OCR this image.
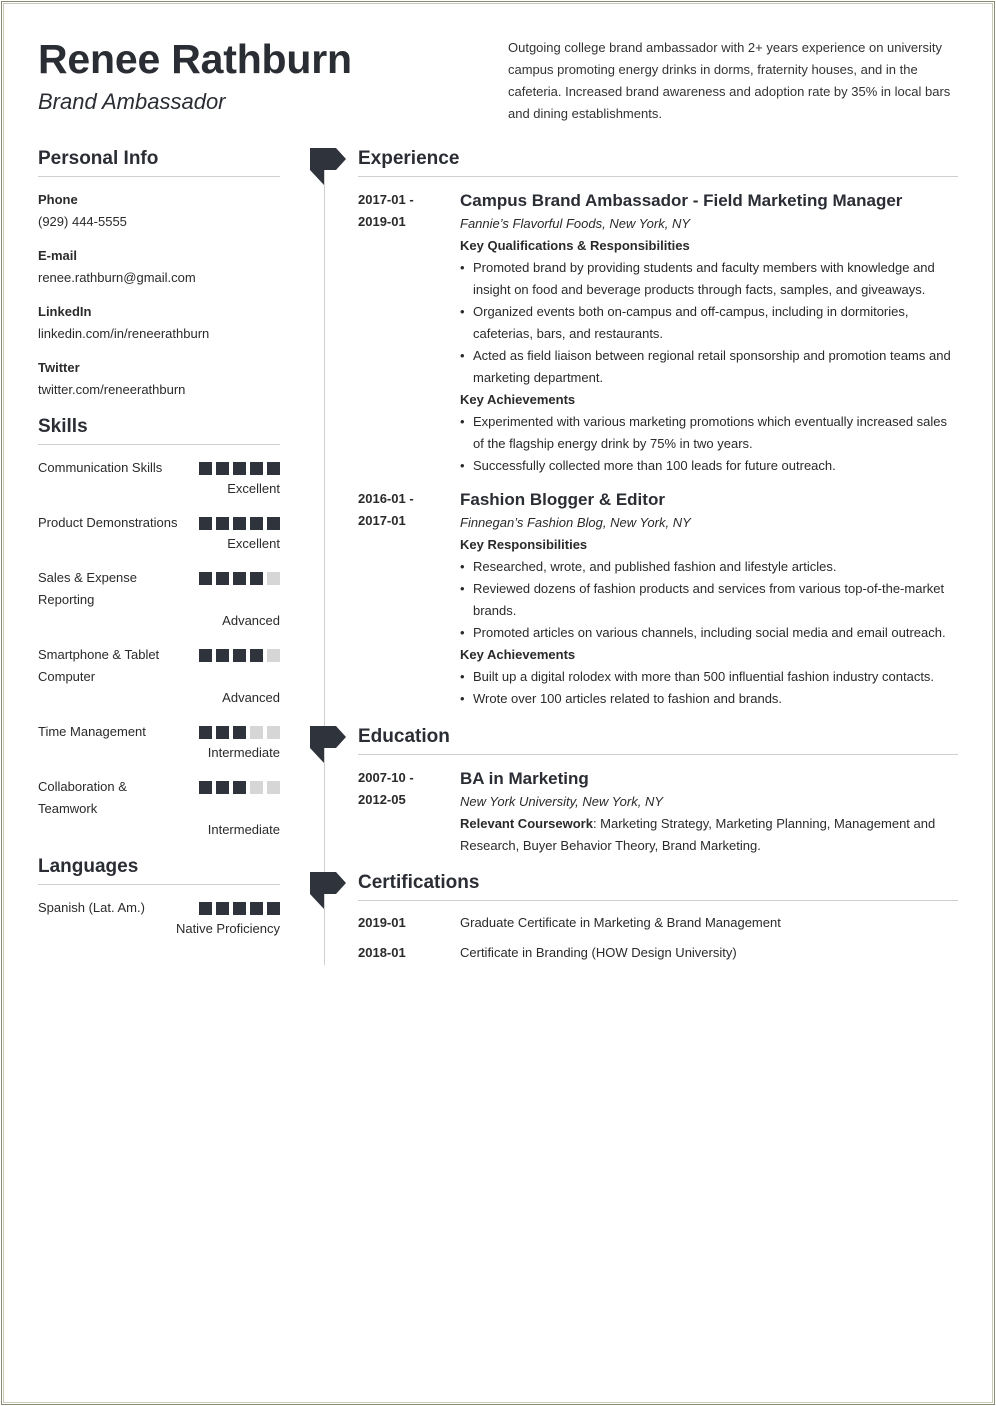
Renee Rathburn
Brand Ambassador

Outgoing college brand ambassador with 2+ years experience on university campus promoting energy drinks in dorms, fraternity houses, and in the cafeteria. Increased brand awareness and adoption rate by 35% in local bars and dining establishments.

Personal Info
Phone
(929) 444-5555
E-mail
renee.rathburn@gmail.com
LinkedIn
linkedin.com/in/reneerathburn
Twitter
twitter.com/reneerathburn
Skills
Communication Skills
Excellent
Product Demonstrations
Excellent
Sales & Expense Reporting
Advanced
Smartphone & Tablet Computer
Advanced
Time Management
Intermediate
Collaboration & Teamwork
Intermediate
Languages
Spanish (Lat. Am.)
Native Proficiency
Experience
2017-01 -
2019-01
Campus Brand Ambassador - Field Marketing Manager
Fannie’s Flavorful Foods, New York, NY
Key Qualifications & Responsibilities
• Promoted brand by providing students and faculty members with knowledge and insight on food and beverage products through facts, samples, and giveaways.
• Organized events both on-campus and off-campus, including in dormitories, cafeterias, bars, and restaurants.
• Acted as field liaison between regional retail sponsorship and promotion teams and marketing department.
Key Achievements
• Experimented with various marketing promotions which eventually increased sales of the flagship energy drink by 75% in two years.
• Successfully collected more than 100 leads for future outreach.
2016-01 -
2017-01
Fashion Blogger & Editor
Finnegan’s Fashion Blog, New York, NY
Key Responsibilities
• Researched, wrote, and published fashion and lifestyle articles.
• Reviewed dozens of fashion products and services from various top-of-the-market brands.
• Promoted articles on various channels, including social media and email outreach.
Key Achievements
• Built up a digital rolodex with more than 500 influential fashion industry contacts.
• Wrote over 100 articles related to fashion and brands.
Education
2007-10 -
2012-05
BA in Marketing
New York University, New York, NY
Relevant Coursework: Marketing Strategy, Marketing Planning, Management and Research, Buyer Behavior Theory, Brand Marketing.
Certifications
2019-01	Graduate Certificate in Marketing & Brand Management
2018-01	Certificate in Branding (HOW Design University)
